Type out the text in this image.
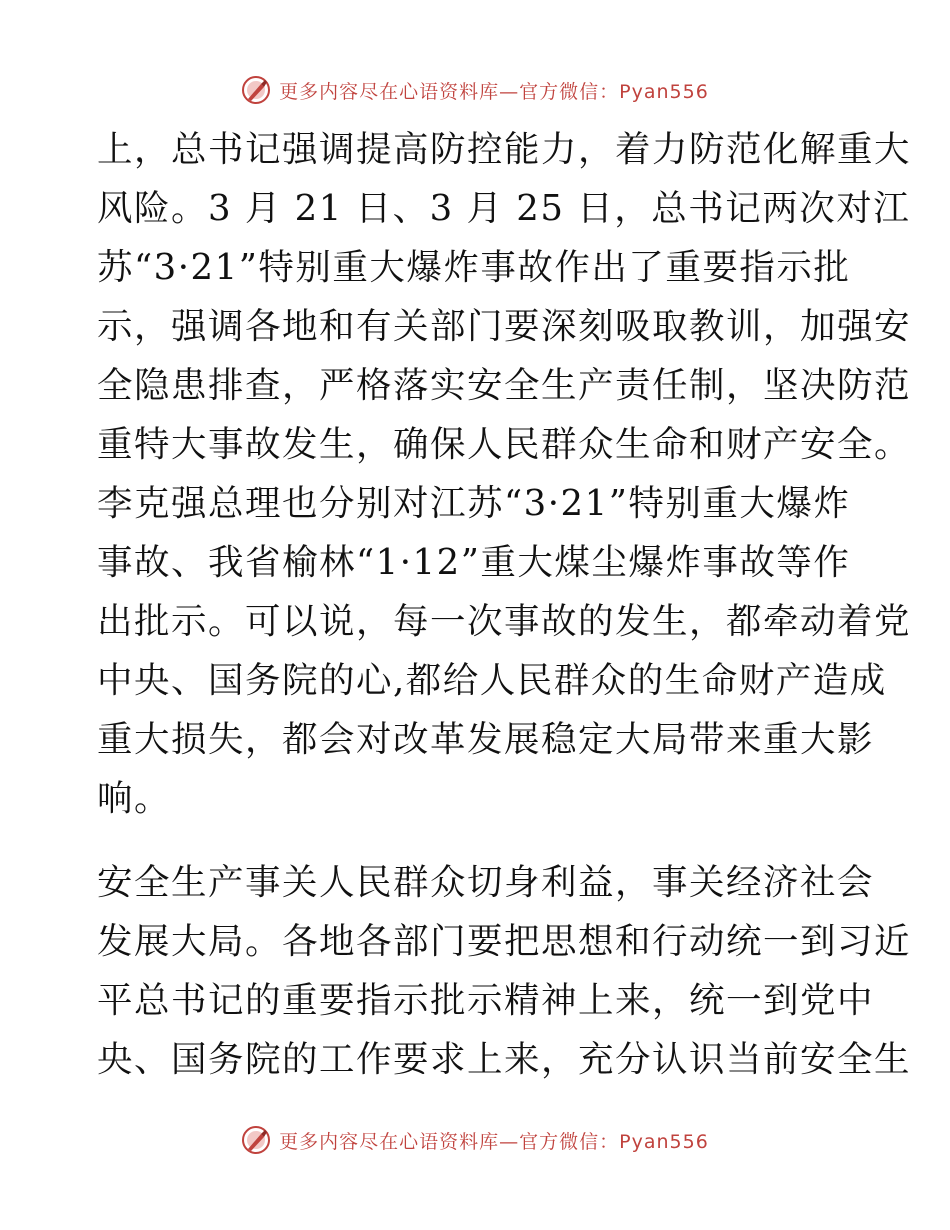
更多内容尽在心语资料库—官方微信：Pyan556
上，总书记强调提高防控能力，着力防范化解重大
风险。3 月 21 日、3 月 25 日，总书记两次对江
苏“3·21”特别重大爆炸事故作出了重要指示批
示，强调各地和有关部门要深刻吸取教训，加强安
全隐患排查，严格落实安全生产责任制，坚决防范
重特大事故发生，确保人民群众生命和财产安全。
李克强总理也分别对江苏“3·21”特别重大爆炸
事故、我省榆林“1·12”重大煤尘爆炸事故等作
出批示。可以说，每一次事故的发生，都牵动着党
中央、国务院的心,都给人民群众的生命财产造成
重大损失，都会对改革发展稳定大局带来重大影
响。
安全生产事关人民群众切身利益，事关经济社会
发展大局。各地各部门要把思想和行动统一到习近
平总书记的重要指示批示精神上来，统一到党中
央、国务院的工作要求上来，充分认识当前安全生
更多内容尽在心语资料库—官方微信：Pyan556
